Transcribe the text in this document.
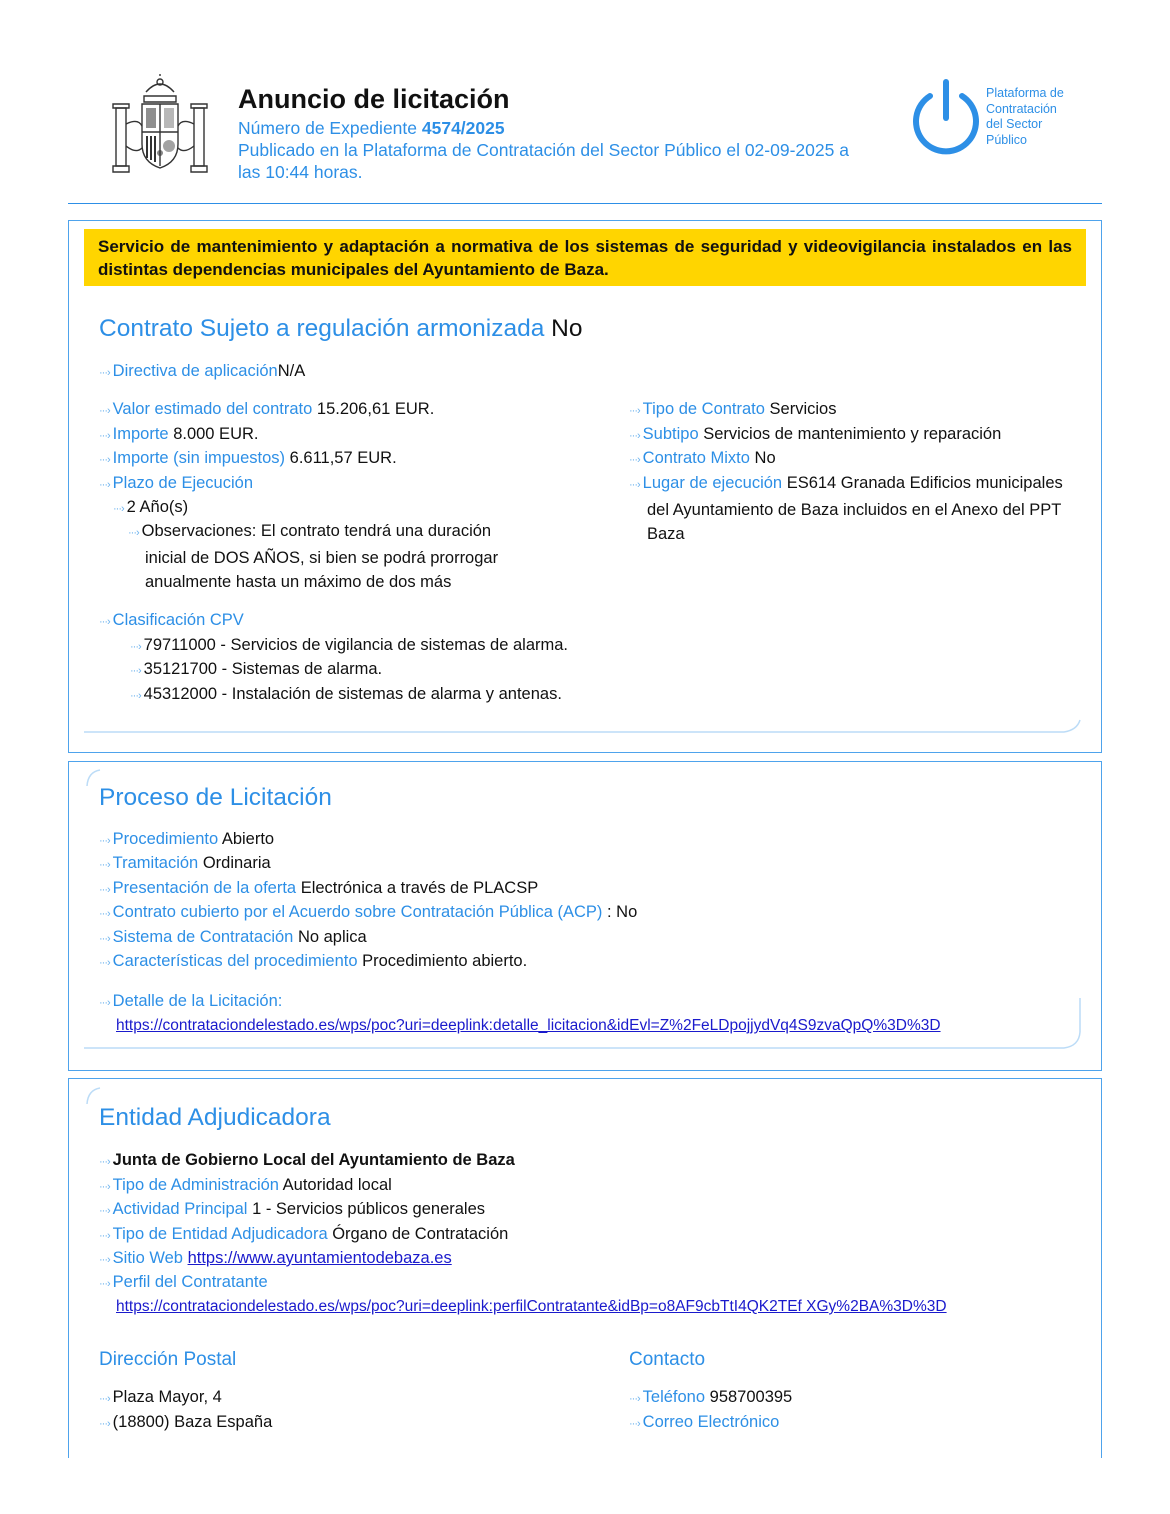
Anuncio de licitación
Número de Expediente 4574/2025
Publicado en la Plataforma de Contratación del Sector Público el 02-09-2025 a
las 10:44 horas.
Plataforma de
Contratación
del Sector
Público
Servicio de mantenimiento y adaptación a normativa de los sistemas de seguridad y videovigilancia instalados en las distintas dependencias municipales del Ayuntamiento de Baza.
Contrato Sujeto a regulación armonizada No
···› Directiva de aplicaciónN/A
···› Valor estimado del contrato 15.206,61 EUR.
···› Importe 8.000 EUR.
···› Importe (sin impuestos) 6.611,57 EUR.
···› Plazo de Ejecución
···› 2 Año(s)
···› Observaciones: El contrato tendrá una duración
inicial de DOS AÑOS, si bien se podrá prorrogar
anualmente hasta un máximo de dos más
···› Tipo de Contrato Servicios
···› Subtipo Servicios de mantenimiento y reparación
···› Contrato Mixto No
···› Lugar de ejecución ES614 Granada Edificios municipales
del Ayuntamiento de Baza incluidos en el Anexo del PPT
Baza
···› Clasificación CPV
···› 79711000 - Servicios de vigilancia de sistemas de alarma.
···› 35121700 - Sistemas de alarma.
···› 45312000 - Instalación de sistemas de alarma y antenas.
Proceso de Licitación
···› Procedimiento Abierto
···› Tramitación Ordinaria
···› Presentación de la oferta Electrónica a través de PLACSP
···› Contrato cubierto por el Acuerdo sobre Contratación Pública (ACP) : No
···› Sistema de Contratación No aplica
···› Características del procedimiento Procedimiento abierto.
···› Detalle de la Licitación:
https://contrataciondelestado.es/wps/poc?uri=deeplink:detalle_licitacion&idEvl=Z%2FeLDpojjydVq4S9zvaQpQ%3D%3D
Entidad Adjudicadora
···› Junta de Gobierno Local del Ayuntamiento de Baza
···› Tipo de Administración Autoridad local
···› Actividad Principal 1 - Servicios públicos generales
···› Tipo de Entidad Adjudicadora Órgano de Contratación
···› Sitio Web https://www.ayuntamientodebaza.es
···› Perfil del Contratante
https://contrataciondelestado.es/wps/poc?uri=deeplink:perfilContratante&idBp=o8AF9cbTtI4QK2TEf XGy%2BA%3D%3D
Dirección Postal
···› Plaza Mayor, 4
···› (18800) Baza España
Contacto
···› Teléfono 958700395
···› Correo Electrónico
